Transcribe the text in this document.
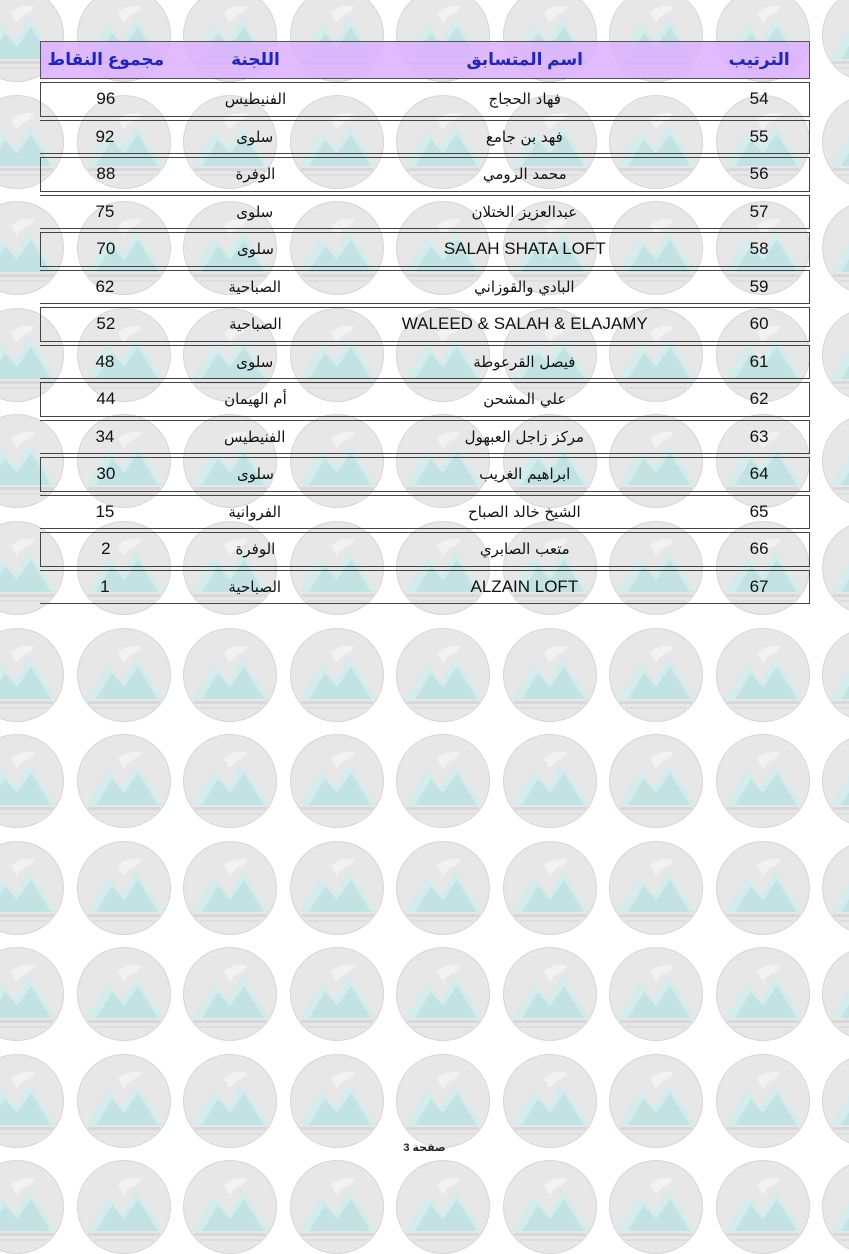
الترتيب
اسم المتسابق
اللجنة
مجموع النقاط
54
فهاد الحجاج
الفنيطيس
96
55
فهد بن جامع
سلوى
92
56
محمد الرومي
الوفرة
88
57
عبدالعزيز الختلان
سلوى
75
58
SALAH SHATA LOFT
سلوى
70
59
البادي والقوزاني
الصباحية
62
60
WALEED & SALAH & ELAJAMY
الصباحية
52
61
فيصل القرعوطة
سلوى
48
62
علي المشحن
أم الهيمان
44
63
مركز زاجل العبهول
الفنيطيس
34
64
ابراهيم الغريب
سلوى
30
65
الشيخ خالد الصباح
الفروانية
15
66
متعب الصابري
الوفرة
2
67
ALZAIN LOFT
الصباحية
1
صفحة 3
